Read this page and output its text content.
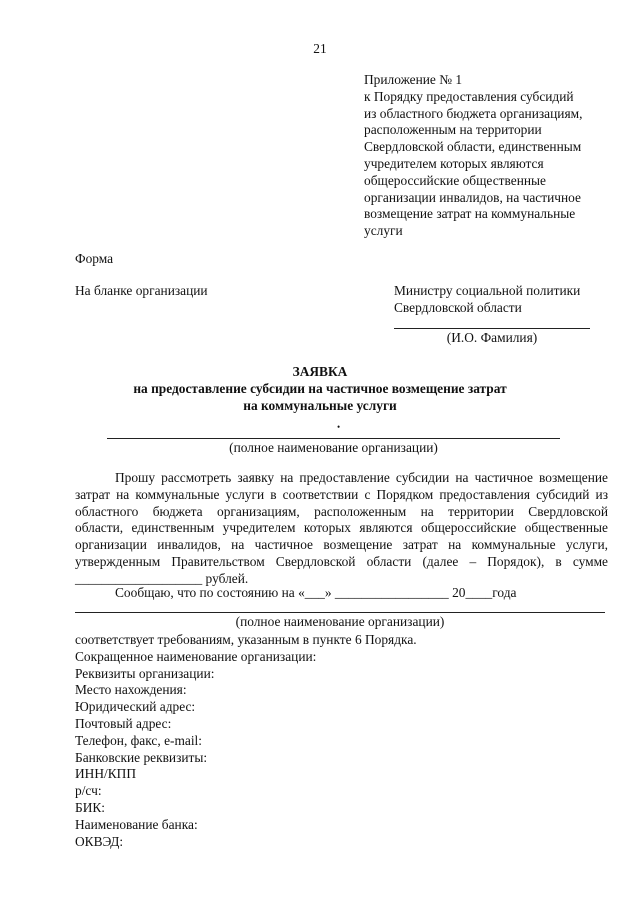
21
Приложение № 1
к Порядку предоставления субсидий
из областного бюджета организациям,
расположенным на территории
Свердловской области, единственным
учредителем которых являются
общероссийские общественные
организации инвалидов, на частичное
возмещение затрат на коммунальные
услуги
Форма
На бланке организации	Министру социальной политики
Свердловской области
(И.О. Фамилия)
ЗАЯВКА
на предоставление субсидии на частичное возмещение затрат
на коммунальные услуги
•
(полное наименование организации)
Прошу рассмотреть заявку на предоставление субсидии на частичное возмещение
затрат на коммунальные услуги в соответствии с Порядком предоставления субсидий из
областного бюджета организациям, расположенным на территории Свердловской
области, единственным учредителем которых являются общероссийские общественные
организации инвалидов, на частичное возмещение затрат на коммунальные услуги,
утвержденным Правительством Свердловской области (далее – Порядок), в сумме
___________________ рублей.
Сообщаю, что по состоянию на «___» _________________ 20____года
(полное наименование организации)
соответствует требованиям, указанным в пункте 6 Порядка.
Сокращенное наименование организации:
Реквизиты организации:
Место нахождения:
Юридический адрес:
Почтовый адрес:
Телефон, факс, e-mail:
Банковские реквизиты:
ИНН/КПП
р/сч:
БИК:
Наименование банка:
ОКВЭД:
